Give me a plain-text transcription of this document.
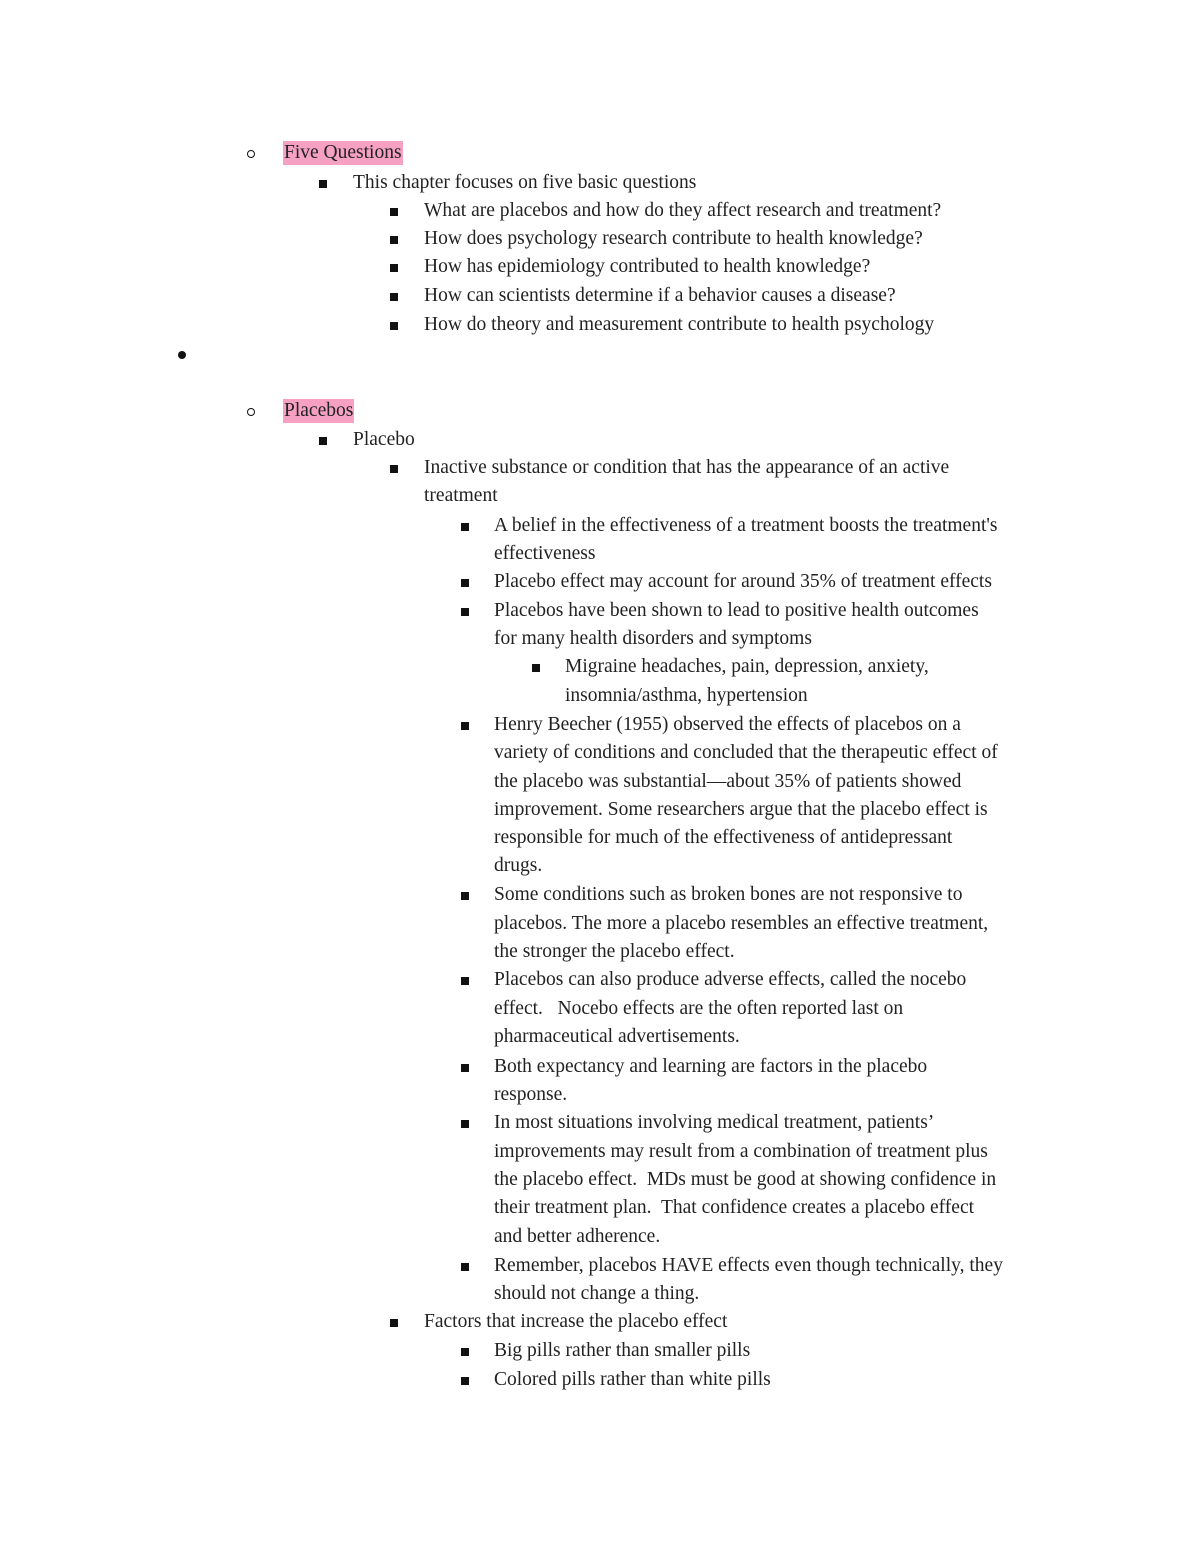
Five Questions
This chapter focuses on five basic questions
What are placebos and how do they affect research and treatment?
How does psychology research contribute to health knowledge?
How has epidemiology contributed to health knowledge?
How can scientists determine if a behavior causes a disease?
How do theory and measurement contribute to health psychology
Placebos
Placebo
Inactive substance or condition that has the appearance of an active
treatment
A belief in the effectiveness of a treatment boosts the treatment's
effectiveness
Placebo effect may account for around 35% of treatment effects
Placebos have been shown to lead to positive health outcomes
for many health disorders and symptoms
Migraine headaches, pain, depression, anxiety,
insomnia/asthma, hypertension
Henry Beecher (1955) observed the effects of placebos on a
variety of conditions and concluded that the therapeutic effect of
the placebo was substantial—about 35% of patients showed
improvement. Some researchers argue that the placebo effect is
responsible for much of the effectiveness of antidepressant
drugs.
Some conditions such as broken bones are not responsive to
placebos. The more a placebo resembles an effective treatment,
the stronger the placebo effect.
Placebos can also produce adverse effects, called the nocebo
effect.   Nocebo effects are the often reported last on
pharmaceutical advertisements.
Both expectancy and learning are factors in the placebo
response.
In most situations involving medical treatment, patients’
improvements may result from a combination of treatment plus
the placebo effect.  MDs must be good at showing confidence in
their treatment plan.  That confidence creates a placebo effect
and better adherence.
Remember, placebos HAVE effects even though technically, they
should not change a thing.
Factors that increase the placebo effect
Big pills rather than smaller pills
Colored pills rather than white pills
